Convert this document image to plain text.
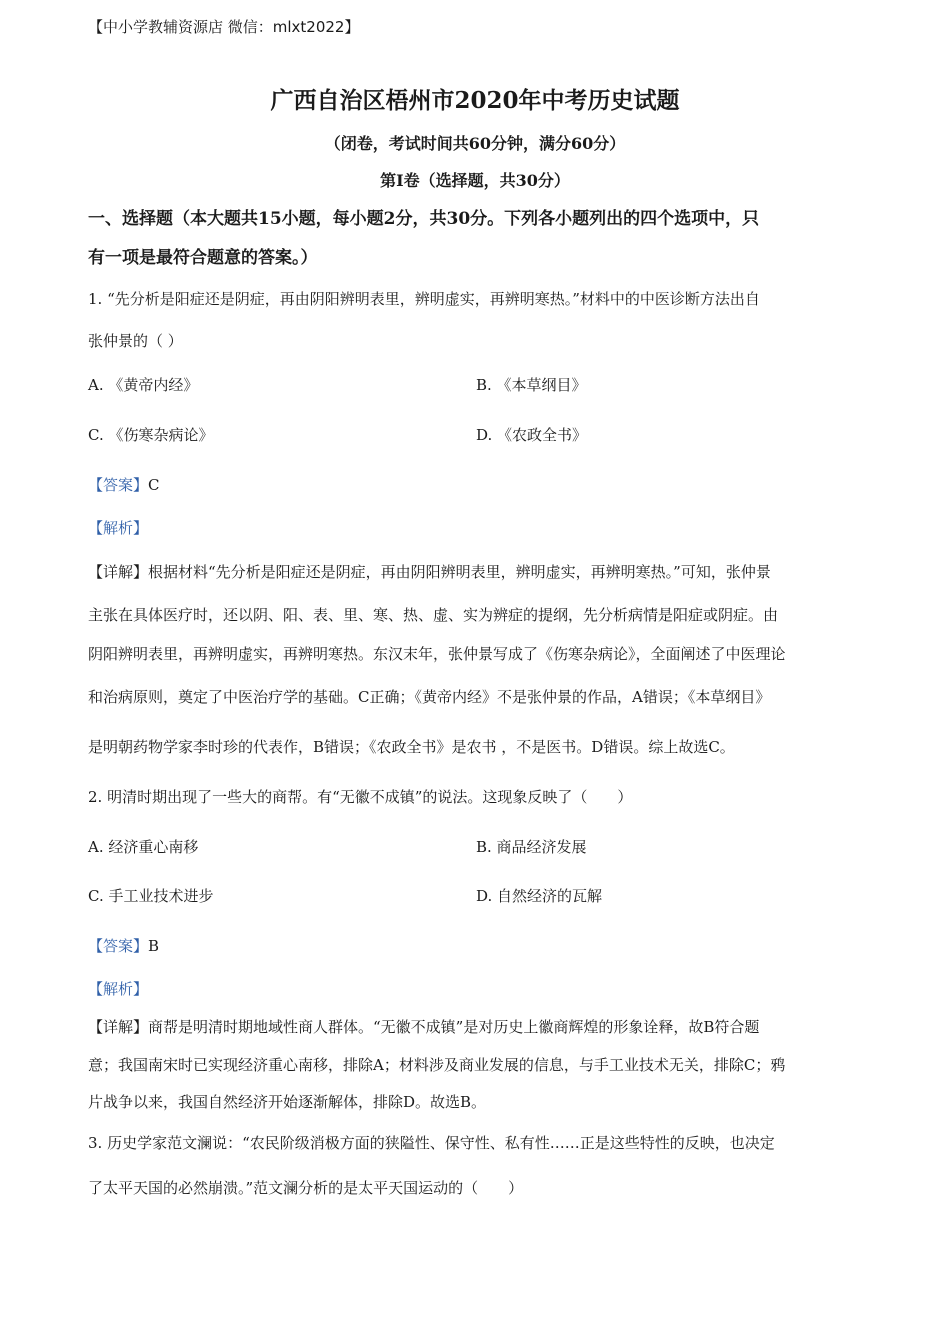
【中小学教辅资源店 微信：mlxt2022】
广西自治区梧州市2020年中考历史试题
（闭卷，考试时间共60分钟，满分60分）
第Ⅰ卷（选择题，共30分）
一、选择题（本大题共15小题，每小题2分，共30分。下列各小题列出的四个选项中，只
有一项是最符合题意的答案。）
1. “先分析是阳症还是阴症，再由阴阳辨明表里，辨明虚实，再辨明寒热。”材料中的中医诊断方法出自
张仲景的（ ）
A. 《黄帝内经》	B. 《本草纲目》
C. 《伤寒杂病论》	D. 《农政全书》
【答案】C
【解析】
【详解】根据材料“先分析是阳症还是阴症，再由阴阳辨明表里，辨明虚实，再辨明寒热。”可知，张仲景
主张在具体医疗时，还以阴、阳、表、里、寒、热、虚、实为辨症的提纲，先分析病情是阳症或阴症。由
阴阳辨明表里，再辨明虚实，再辨明寒热。东汉末年，张仲景写成了《伤寒杂病论》，全面阐述了中医理论
和治病原则，奠定了中医治疗学的基础。C正确；《黄帝内经》不是张仲景的作品，A错误；《本草纲目》
是明朝药物学家李时珍的代表作，B错误；《农政全书》是农书 ，不是医书。D错误。综上故选C。
2. 明清时期出现了一些大的商帮。有“无徽不成镇”的说法。这现象反映了（　　）
A. 经济重心南移	B. 商品经济发展
C. 手工业技术进步	D. 自然经济的瓦解
【答案】B
【解析】
【详解】商帮是明清时期地域性商人群体。“无徽不成镇”是对历史上徽商辉煌的形象诠释，故B符合题
意；我国南宋时已实现经济重心南移，排除A；材料涉及商业发展的信息，与手工业技术无关，排除C；鸦
片战争以来，我国自然经济开始逐渐解体，排除D。故选B。
3. 历史学家范文澜说：“农民阶级消极方面的狭隘性、保守性、私有性……正是这些特性的反映，也决定
了太平天国的必然崩溃。”范文澜分析的是太平天国运动的（　　）
